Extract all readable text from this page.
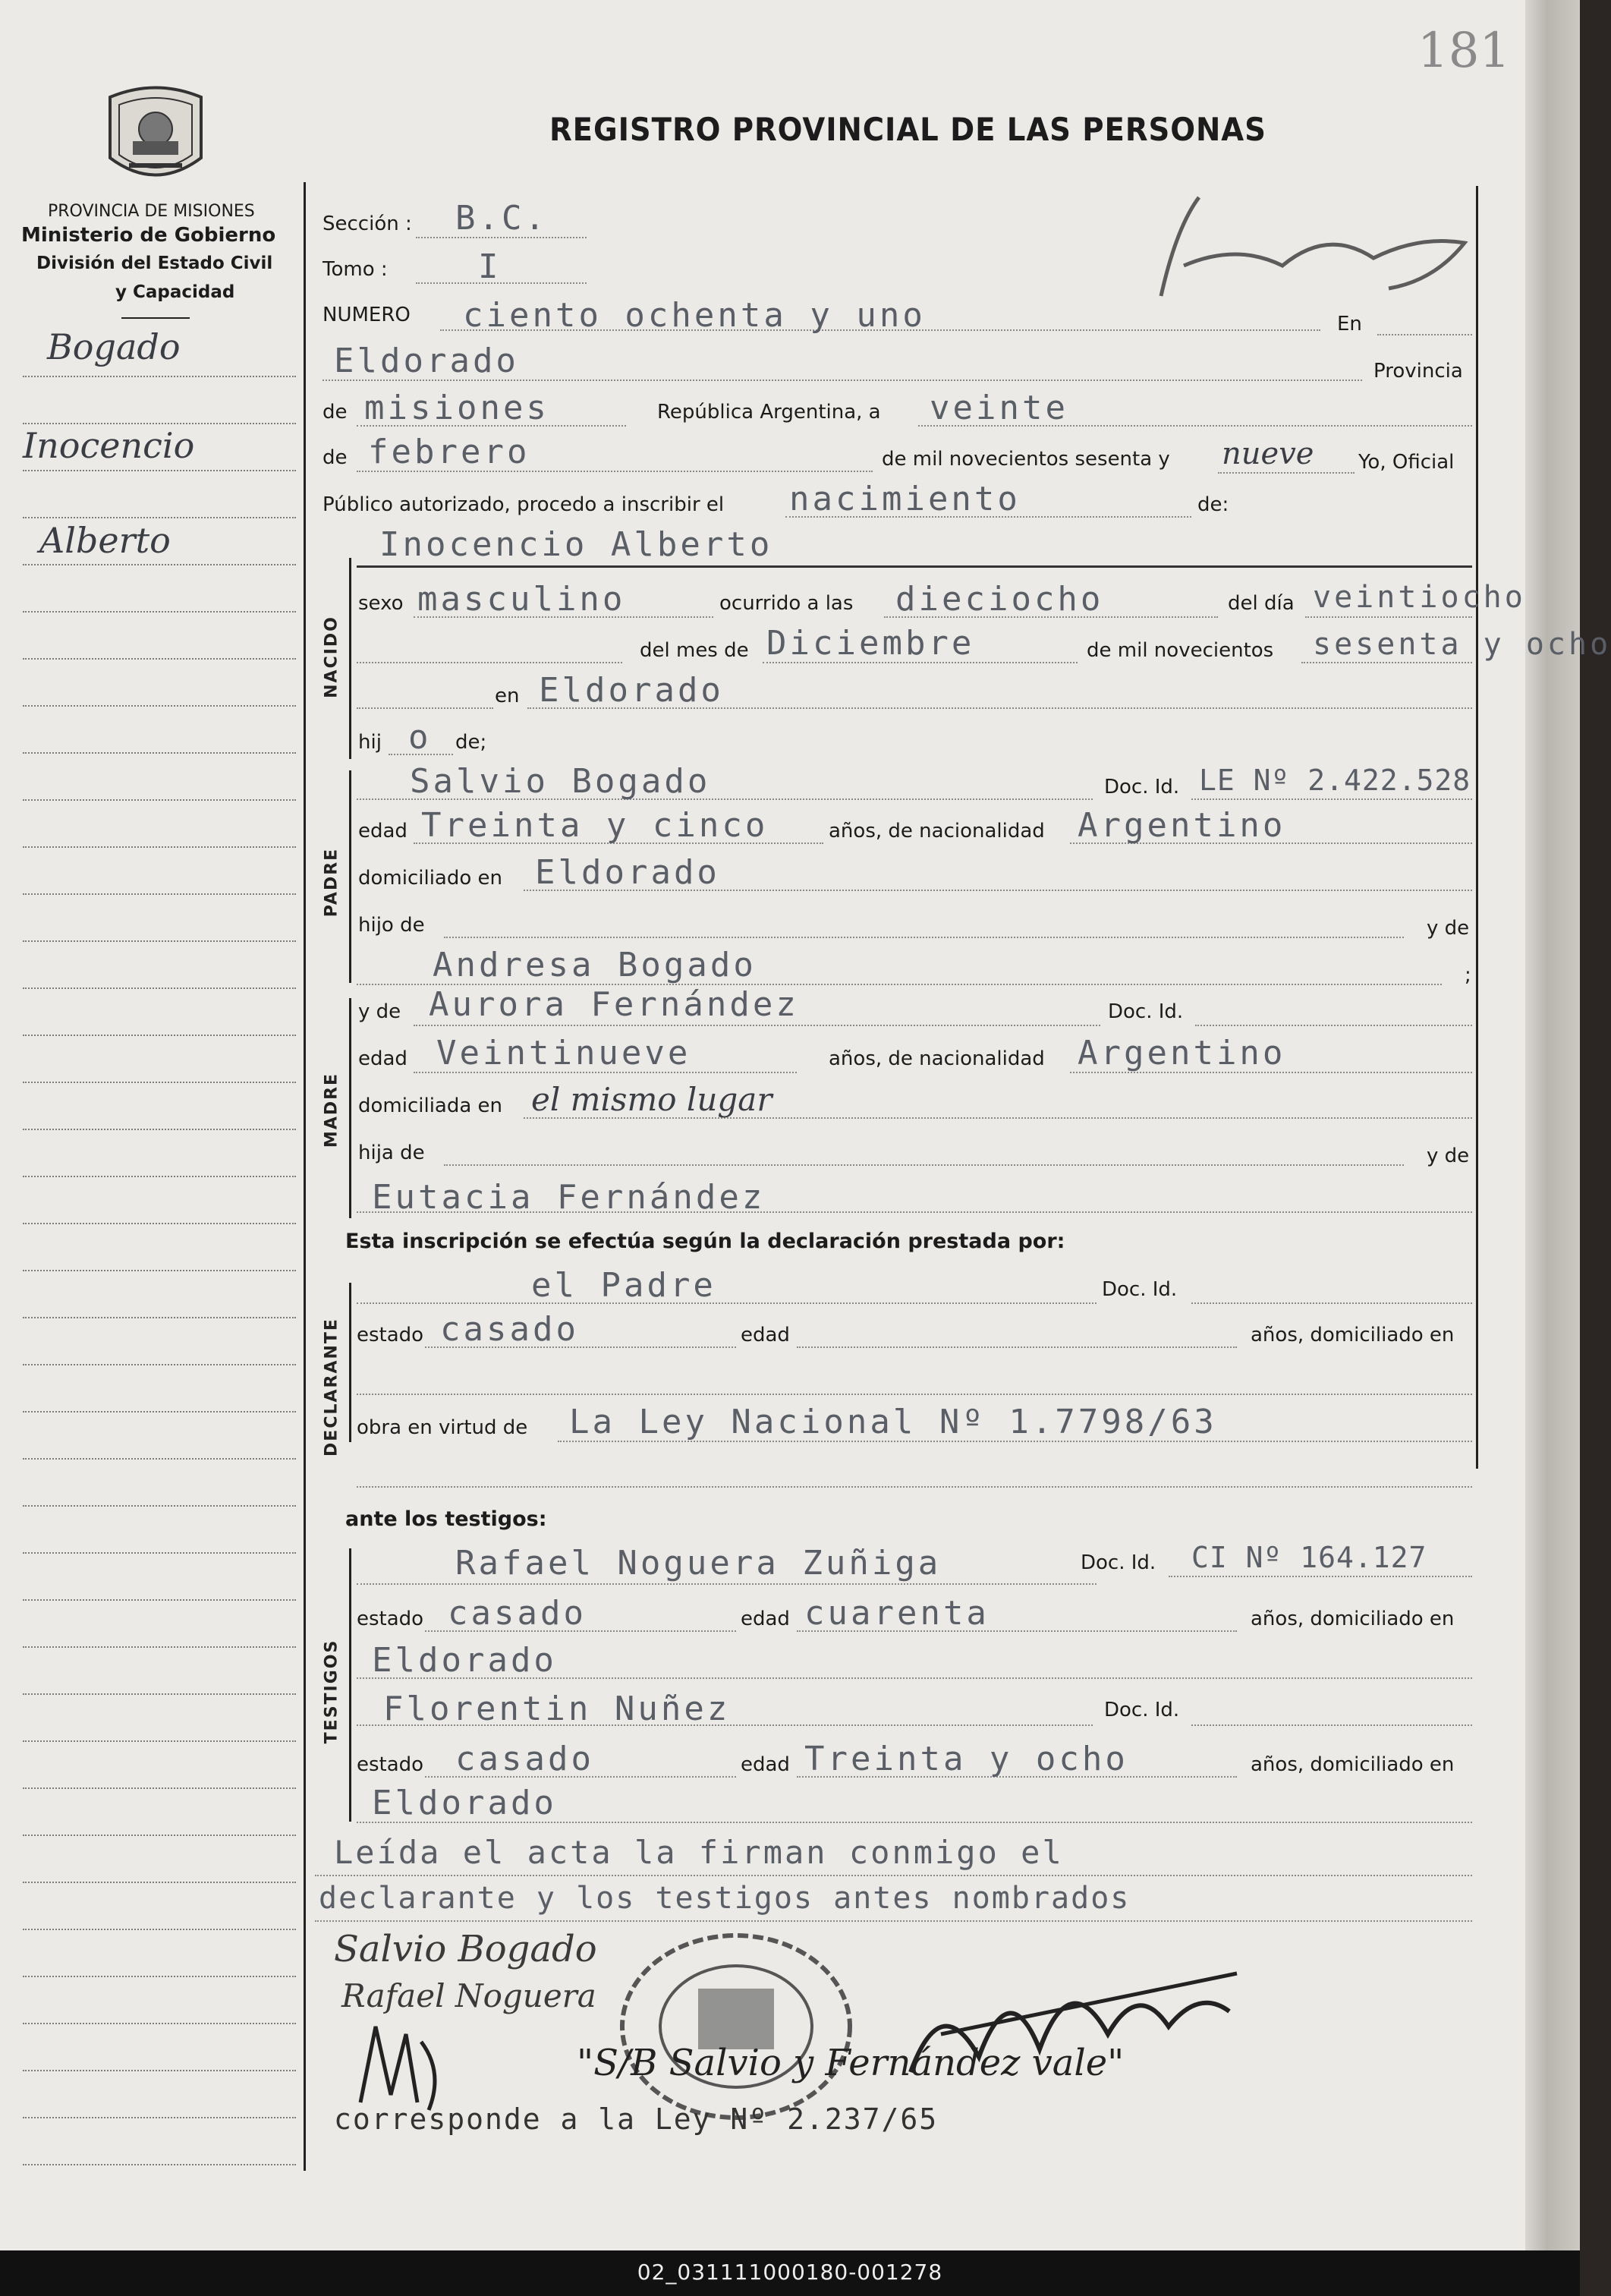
181
REGISTRO PROVINCIAL DE LAS PERSONAS
PROVINCIA DE MISIONES
Ministerio de Gobierno
División del Estado Civil
y Capacidad
Bogado
Inocencio
Alberto
Sección : B.C.
Tomo :	I
NUMERO ciento ochenta y uno	En
Eldorado	Provincia
de misiones	República Argentina, a veinte
de febrero	de mil novecientos sesenta y nueve Yo, Oficial
Público autorizado, procedo a inscribir el nacimiento	de:
NACIDO
Inocencio Alberto
sexo masculino	ocurrido a las dieciocho	del día veintiocho
del mes de Diciembre	de mil novecientos sesenta y ocho
en Eldorado
hij o de;
PADRE
Salvio Bogado	Doc. Id. LE Nº 2.422.528
edad Treinta y cinco	años, de nacionalidad Argentino
domiciliado en Eldorado
hijo de	y de
Andresa Bogado	;
MADRE
y de Aurora Fernández	Doc. Id.
edad Veintinueve	años, de nacionalidad Argentino
domiciliada en el mismo lugar
hija de	y de
Eutacia Fernández
Esta inscripción se efectúa según la declaración prestada por:
DECLARANTE
el Padre	Doc. Id.
estado casado	edad	años, domiciliado en
obra en virtud de La Ley Nacional Nº 1.7798/63
ante los testigos:
TESTIGOS
Rafael Noguera Zuñiga	Doc. Id. CI Nº 164.127
estado casado	edad cuarenta	años, domiciliado en
Eldorado
Florentin Nuñez	Doc. Id.
estado casado	edad Treinta y ocho	años, domiciliado en
Eldorado
Leída el acta la firman conmigo el
declarante y los testigos antes nombrados
Salvio Bogado
Rafael Noguera
"S/B Salvio y Fernández vale"
corresponde a la Ley Nº 2.237/65
02_031111000180-001278
